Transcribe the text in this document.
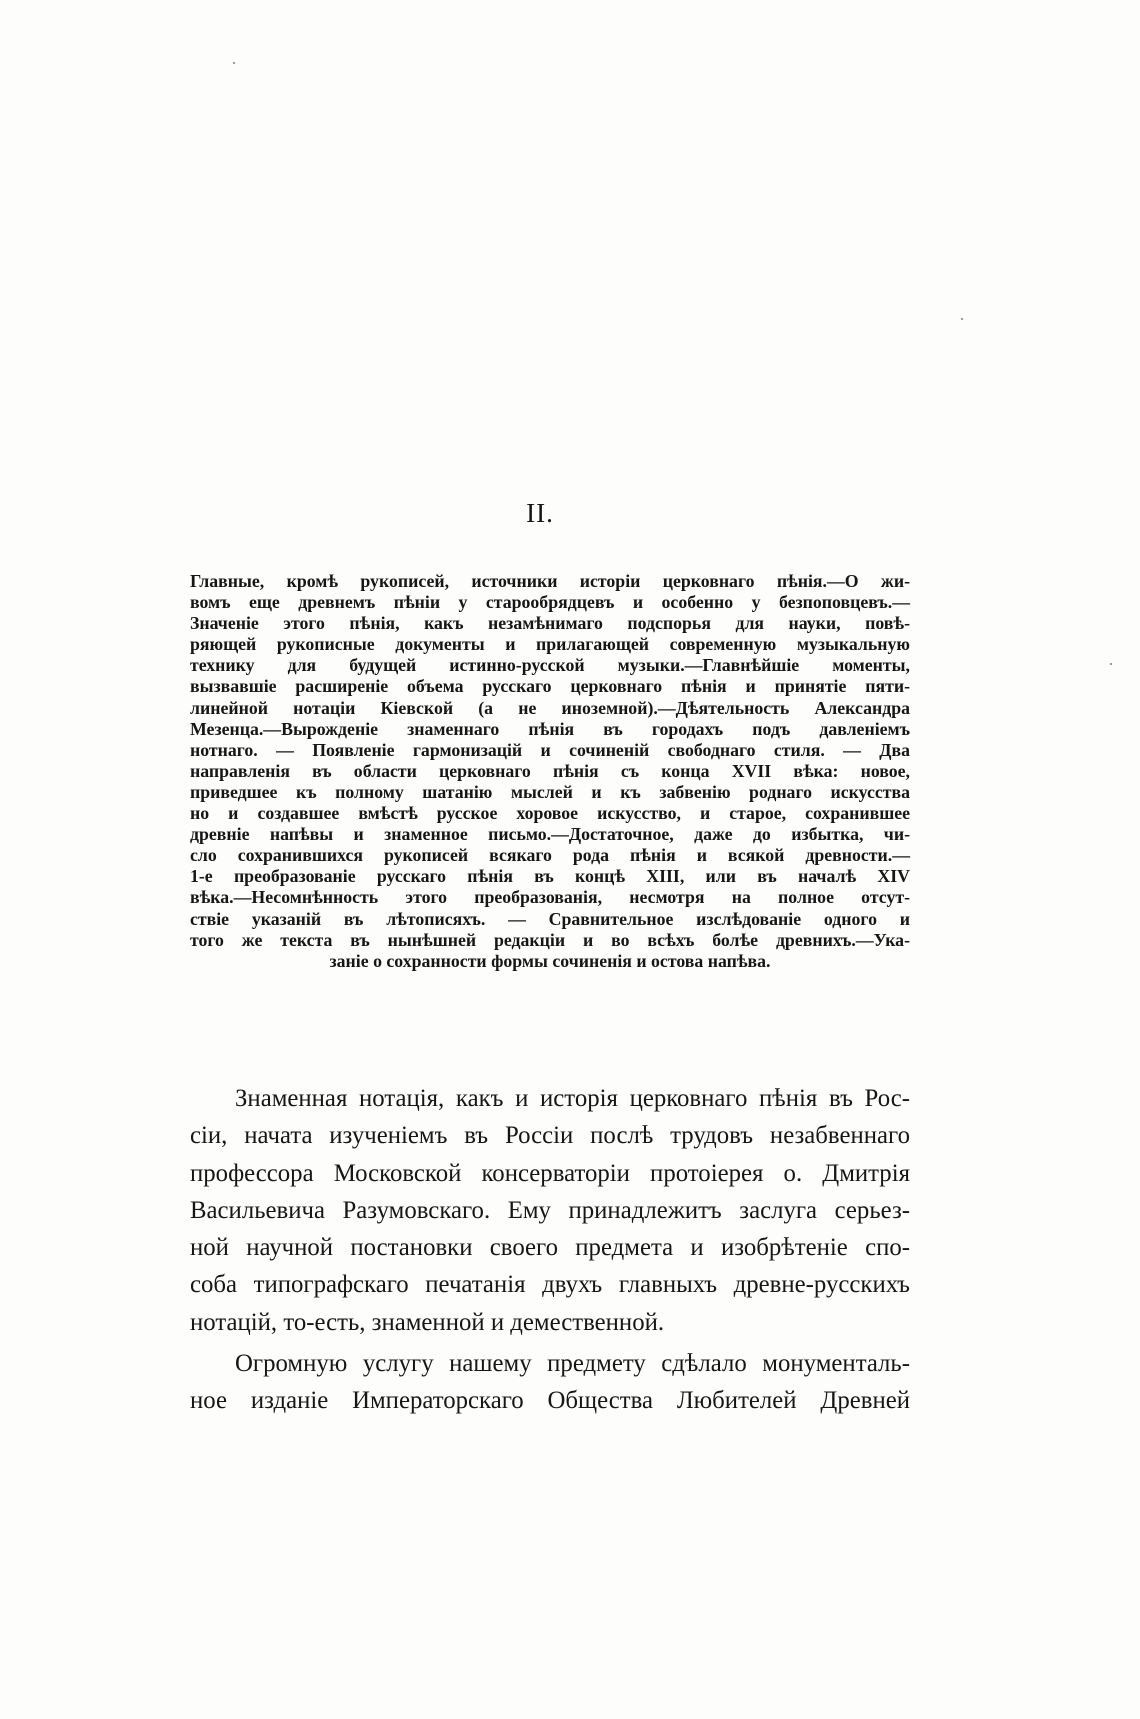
II.
Главные, кромѣ рукописей, источники исторіи церковнаго пѣнія.—О жи-
вомъ еще древнемъ пѣніи у старообрядцевъ и особенно у безпоповцевъ.—
Значеніе этого пѣнія, какъ незамѣнимаго подспорья для науки, повѣ-
ряющей рукописные документы и прилагающей современную музыкальную
технику для будущей истинно-русской музыки.—Главнѣйшіе моменты,
вызвавшіе расширеніе объема русскаго церковнаго пѣнія и принятіе пяти-
линейной нотаціи Кіевской (а не иноземной).—Дѣятельность Александра
Мезенца.—Вырожденіе знаменнаго пѣнія въ городахъ подъ давленіемъ
нотнаго. — Появленіе гармонизацій и сочиненій свободнаго стиля. — Два
направленія въ области церковнаго пѣнія съ конца XVII вѣка: новое,
приведшее къ полному шатанію мыслей и къ забвенію роднаго искусства
но и создавшее вмѣстѣ русское хоровое искусство, и старое, сохранившее
древніе напѣвы и знаменное письмо.—Достаточное, даже до избытка, чи-
сло сохранившихся рукописей всякаго рода пѣнія и всякой древности.—
1-е преобразованіе русскаго пѣнія въ концѣ XIII, или въ началѣ XIV
вѣка.—Несомнѣнность этого преобразованія, несмотря на полное отсут-
ствіе указаній въ лѣтописяхъ. — Сравнительное изслѣдованіе одного и
того же текста въ нынѣшней редакціи и во всѣхъ болѣе древнихъ.—Ука-
заніе о сохранности формы сочиненія и остова напѣва.

Знаменная нотація, какъ и исторія церковнаго пѣнія въ Рос-
сіи, начата изученіемъ въ Россіи послѣ трудовъ незабвеннаго
профессора Московской консерваторіи протоіерея о. Дмитрія
Васильевича Разумовскаго. Ему принадлежитъ заслуга серьез-
ной научной постановки своего предмета и изобрѣтеніе спо-
соба типографскаго печатанія двухъ главныхъ древне-русскихъ
нотацій, то-есть, знаменной и демественной.

Огромную услугу нашему предмету сдѣлало монументаль-
ное изданіе Императорскаго Общества Любителей Древней
